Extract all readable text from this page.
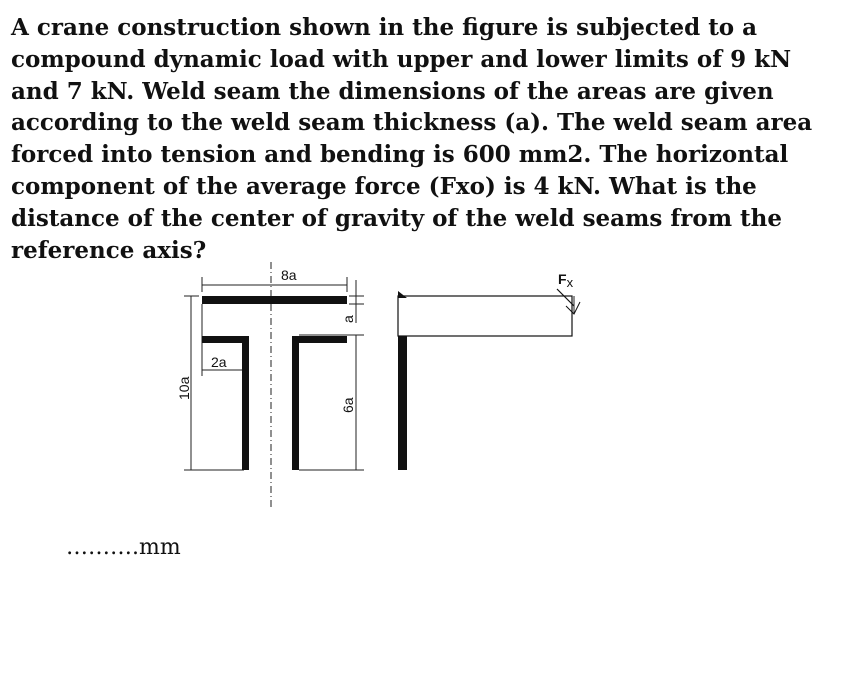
A crane construction shown in the figure is subjected to a compound dynamic load with upper and lower limits of 9 kN and 7 kN. Weld seam the dimensions of the areas are given according to the weld seam thickness (a). The weld seam area forced into tension and bending is 600 mm2. The horizontal component of the average force (Fxo) is 4 kN. What is the distance of the center of gravity of the weld seams from the reference axis?

8a
2a
10a
a
6a
Fx
……….mm
